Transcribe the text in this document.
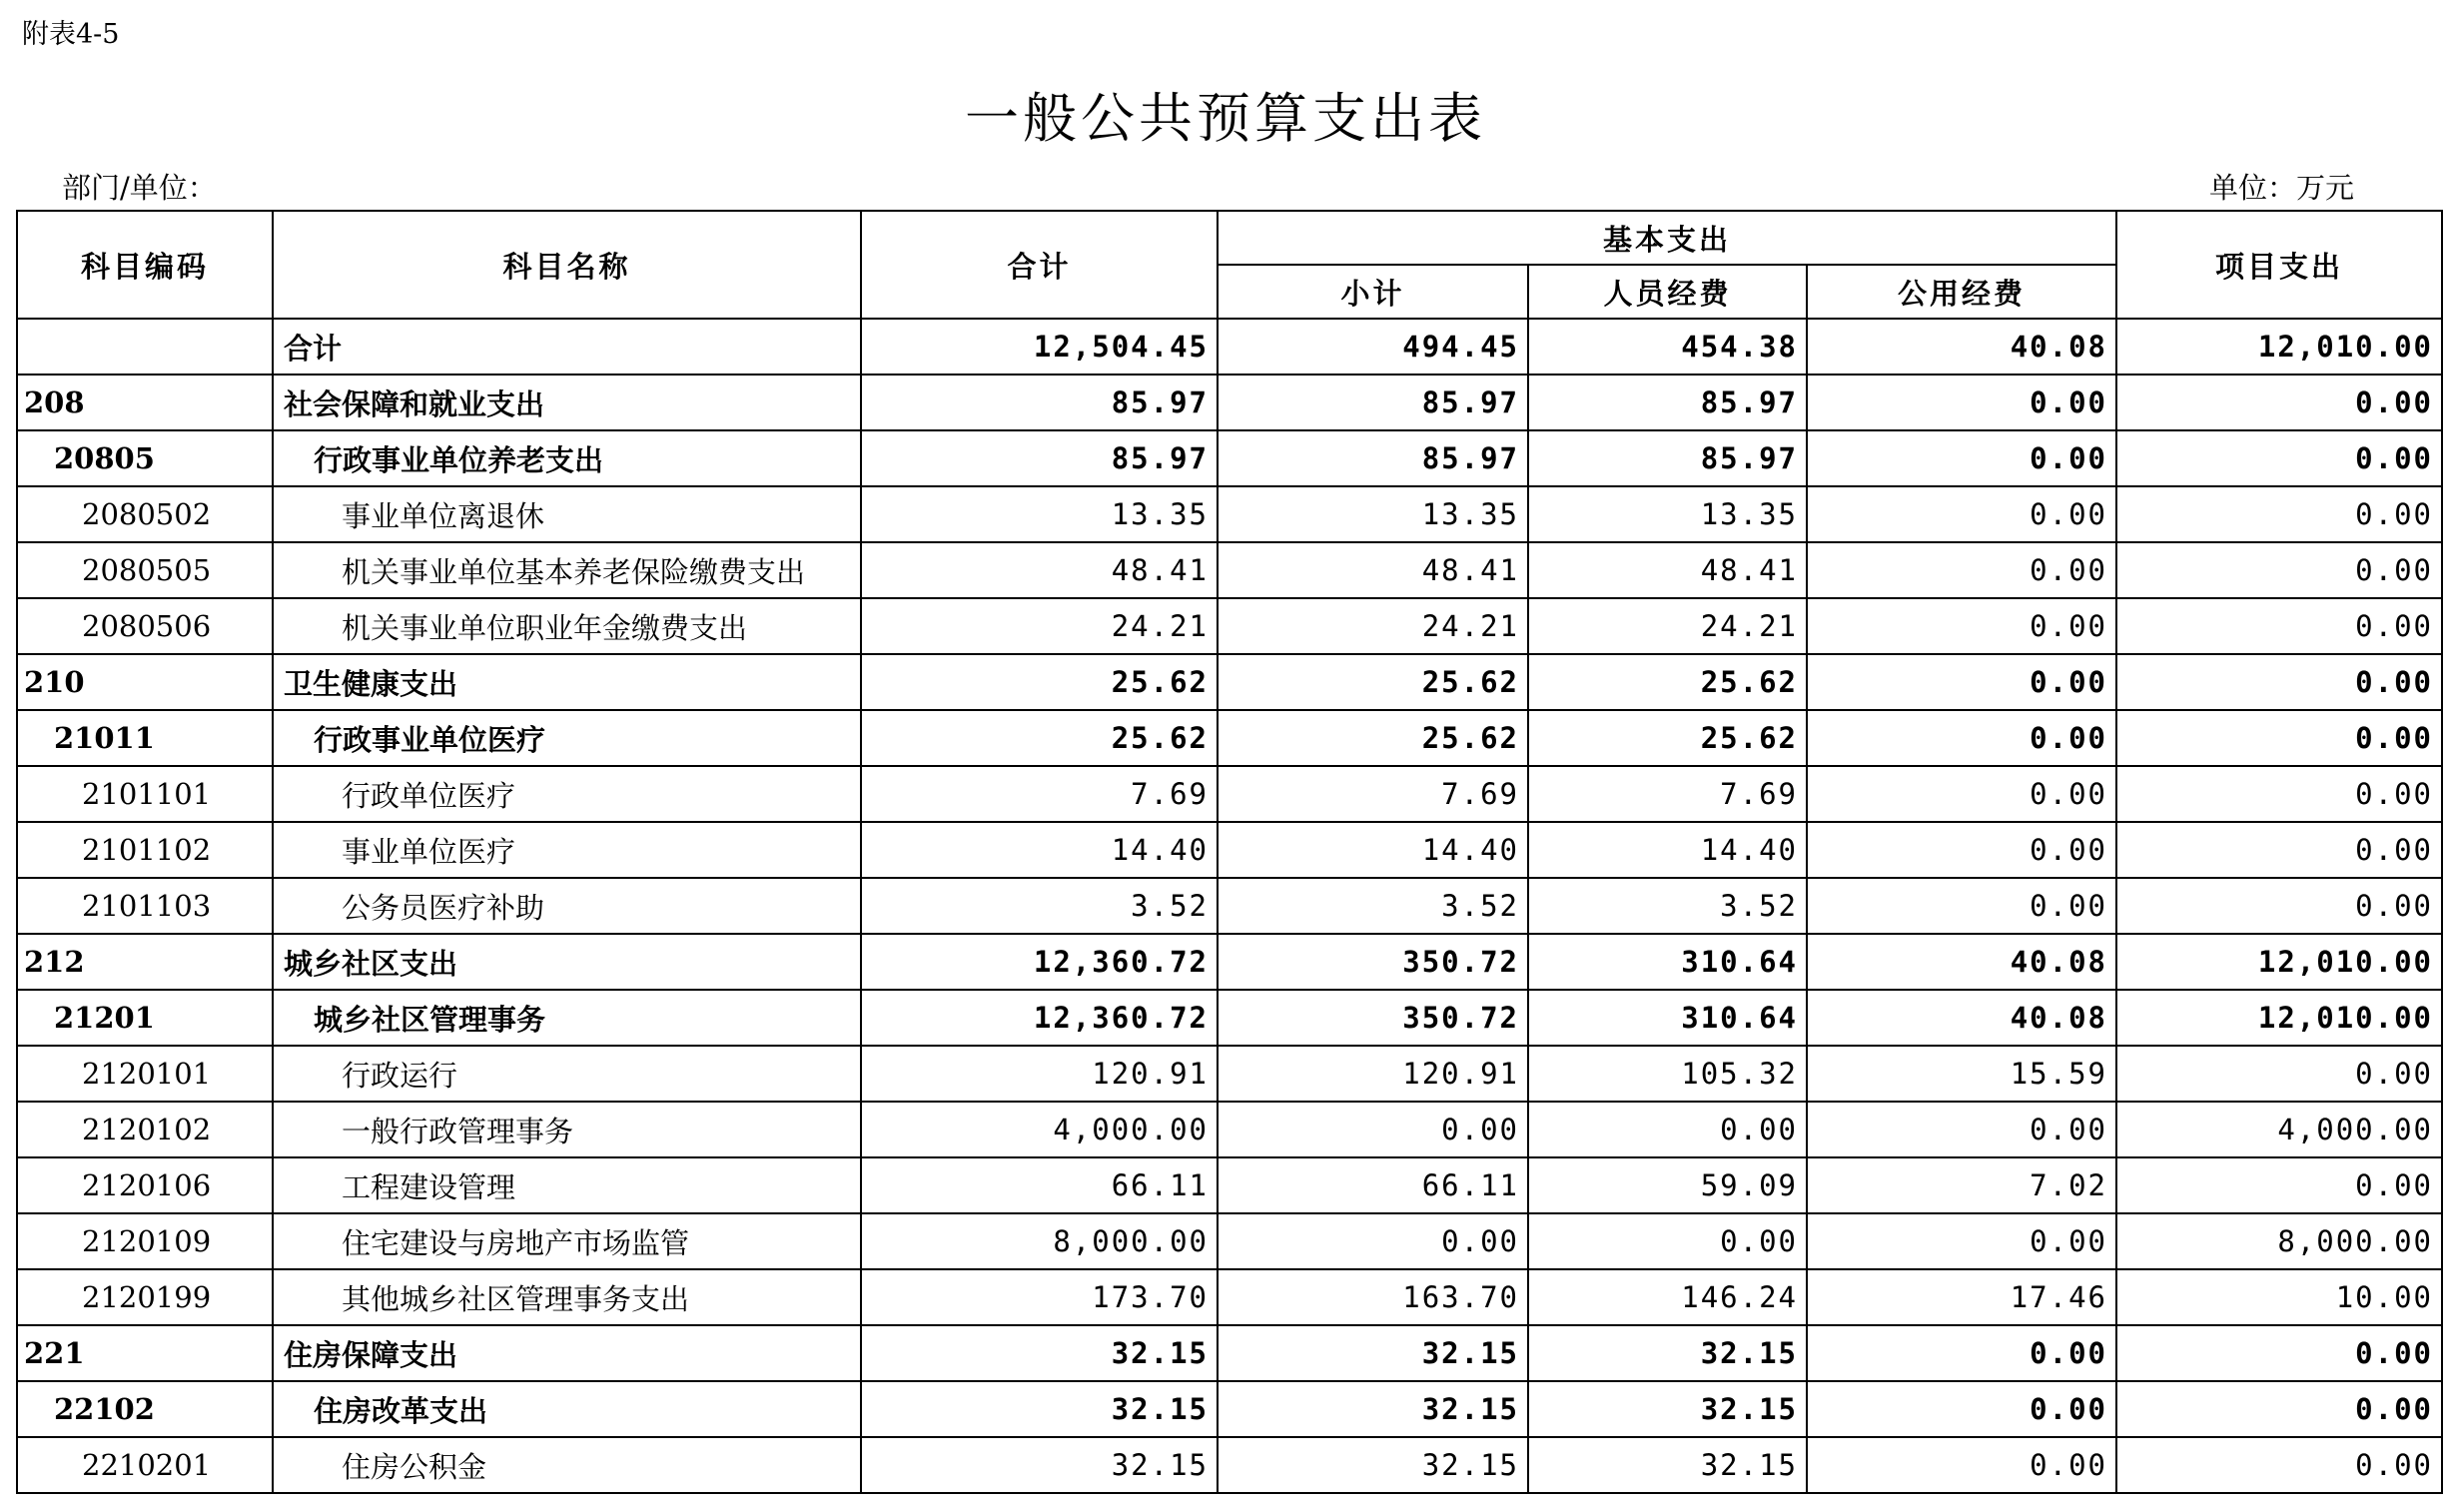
附表4-5
一般公共预算支出表
部门/单位：	单位：万元
科目编码	科目名称	合计	基本支出			项目支出
			小计	人员经费	公用经费	
	合计	12,504.45	494.45	454.38	40.08	12,010.00
208	社会保障和就业支出	85.97	85.97	85.97	0.00	0.00
20805	行政事业单位养老支出	85.97	85.97	85.97	0.00	0.00
2080502	事业单位离退休	13.35	13.35	13.35	0.00	0.00
2080505	机关事业单位基本养老保险缴费支出	48.41	48.41	48.41	0.00	0.00
2080506	机关事业单位职业年金缴费支出	24.21	24.21	24.21	0.00	0.00
210	卫生健康支出	25.62	25.62	25.62	0.00	0.00
21011	行政事业单位医疗	25.62	25.62	25.62	0.00	0.00
2101101	行政单位医疗	7.69	7.69	7.69	0.00	0.00
2101102	事业单位医疗	14.40	14.40	14.40	0.00	0.00
2101103	公务员医疗补助	3.52	3.52	3.52	0.00	0.00
212	城乡社区支出	12,360.72	350.72	310.64	40.08	12,010.00
21201	城乡社区管理事务	12,360.72	350.72	310.64	40.08	12,010.00
2120101	行政运行	120.91	120.91	105.32	15.59	0.00
2120102	一般行政管理事务	4,000.00	0.00	0.00	0.00	4,000.00
2120106	工程建设管理	66.11	66.11	59.09	7.02	0.00
2120109	住宅建设与房地产市场监管	8,000.00	0.00	0.00	0.00	8,000.00
2120199	其他城乡社区管理事务支出	173.70	163.70	146.24	17.46	10.00
221	住房保障支出	32.15	32.15	32.15	0.00	0.00
22102	住房改革支出	32.15	32.15	32.15	0.00	0.00
2210201	住房公积金	32.15	32.15	32.15	0.00	0.00
